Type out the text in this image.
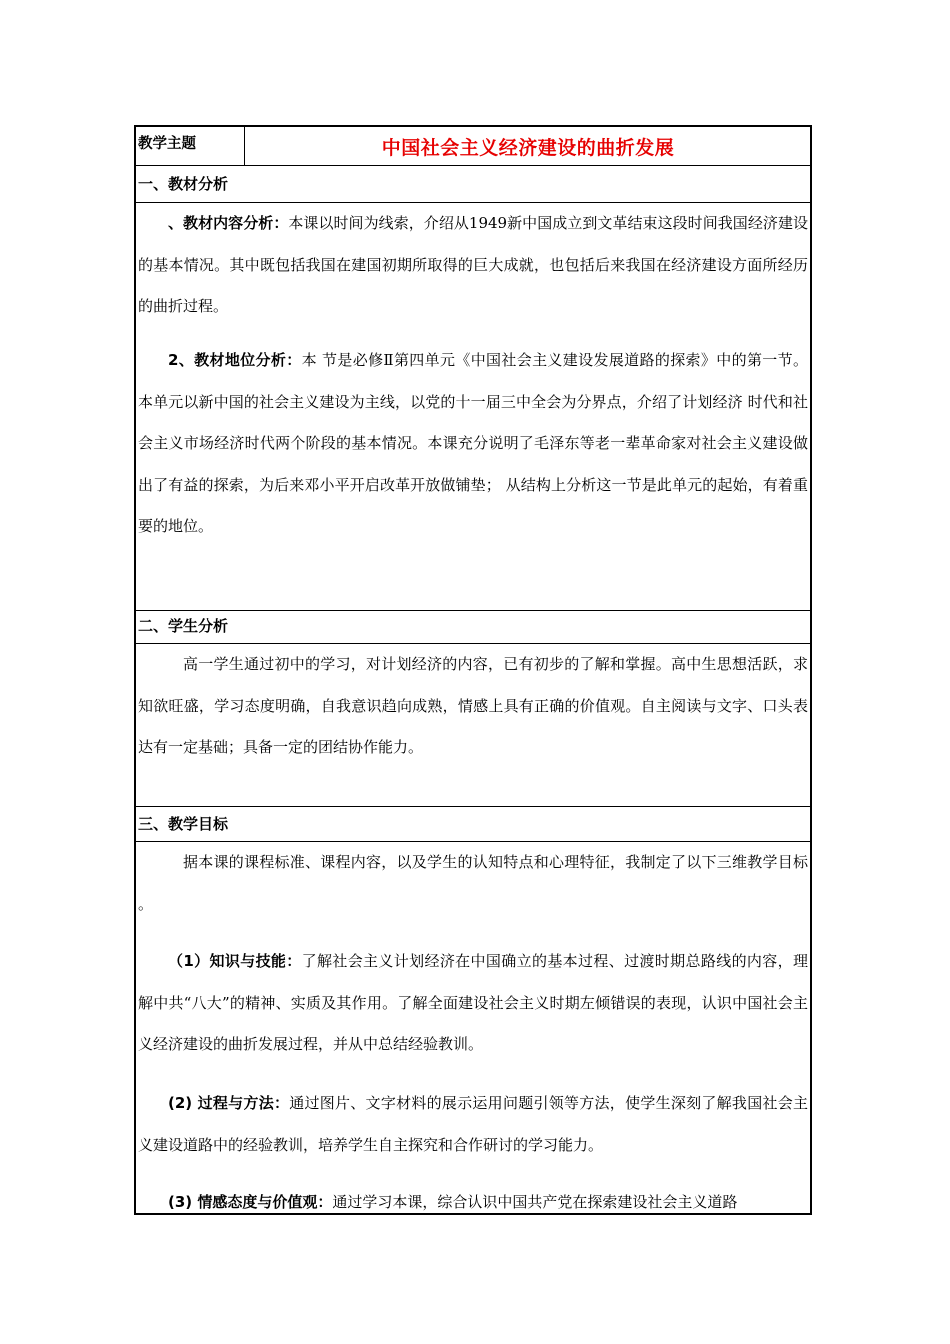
教学主题	中国社会主义经济建设的曲折发展
一、教材分析

、教材内容分析：本课以时间为线索，介绍从1949新中国成立到文革结束这段时间我国经济建设的基本情况。其中既包括我国在建国初期所取得的巨大成就，也包括后来我国在经济建设方面所经历的曲折过程。

2、教材地位分析：本 节是必修Ⅱ第四单元《中国社会主义建设发展道路的探索》中的第一节。本单元以新中国的社会主义建设为主线，以党的十一届三中全会为分界点，介绍了计划经济 时代和社会主义市场经济时代两个阶段的基本情况。本课充分说明了毛泽东等老一辈革命家对社会主义建设做出了有益的探索，为后来邓小平开启改革开放做铺垫； 从结构上分析这一节是此单元的起始，有着重要的地位。

二、学生分析

高一学生通过初中的学习，对计划经济的内容，已有初步的了解和掌握。高中生思想活跃，求知欲旺盛，学习态度明确，自我意识趋向成熟，情感上具有正确的价值观。自主阅读与文字、口头表达有一定基础；具备一定的团结协作能力。

三、教学目标

据本课的课程标准、课程内容，以及学生的认知特点和心理特征，我制定了以下三维教学目标 。

（1）知识与技能：了解社会主义计划经济在中国确立的基本过程、过渡时期总路线的内容，理解中共“八大”的精神、实质及其作用。了解全面建设社会主义时期左倾错误的表现，认识中国社会主义经济建设的曲折发展过程，并从中总结经验教训。

(2) 过程与方法：通过图片、文字材料的展示运用问题引领等方法，使学生深刻了解我国社会主义建设道路中的经验教训，培养学生自主探究和合作研讨的学习能力。

(3) 情感态度与价值观：通过学习本课，综合认识中国共产党在探索建设社会主义道路
